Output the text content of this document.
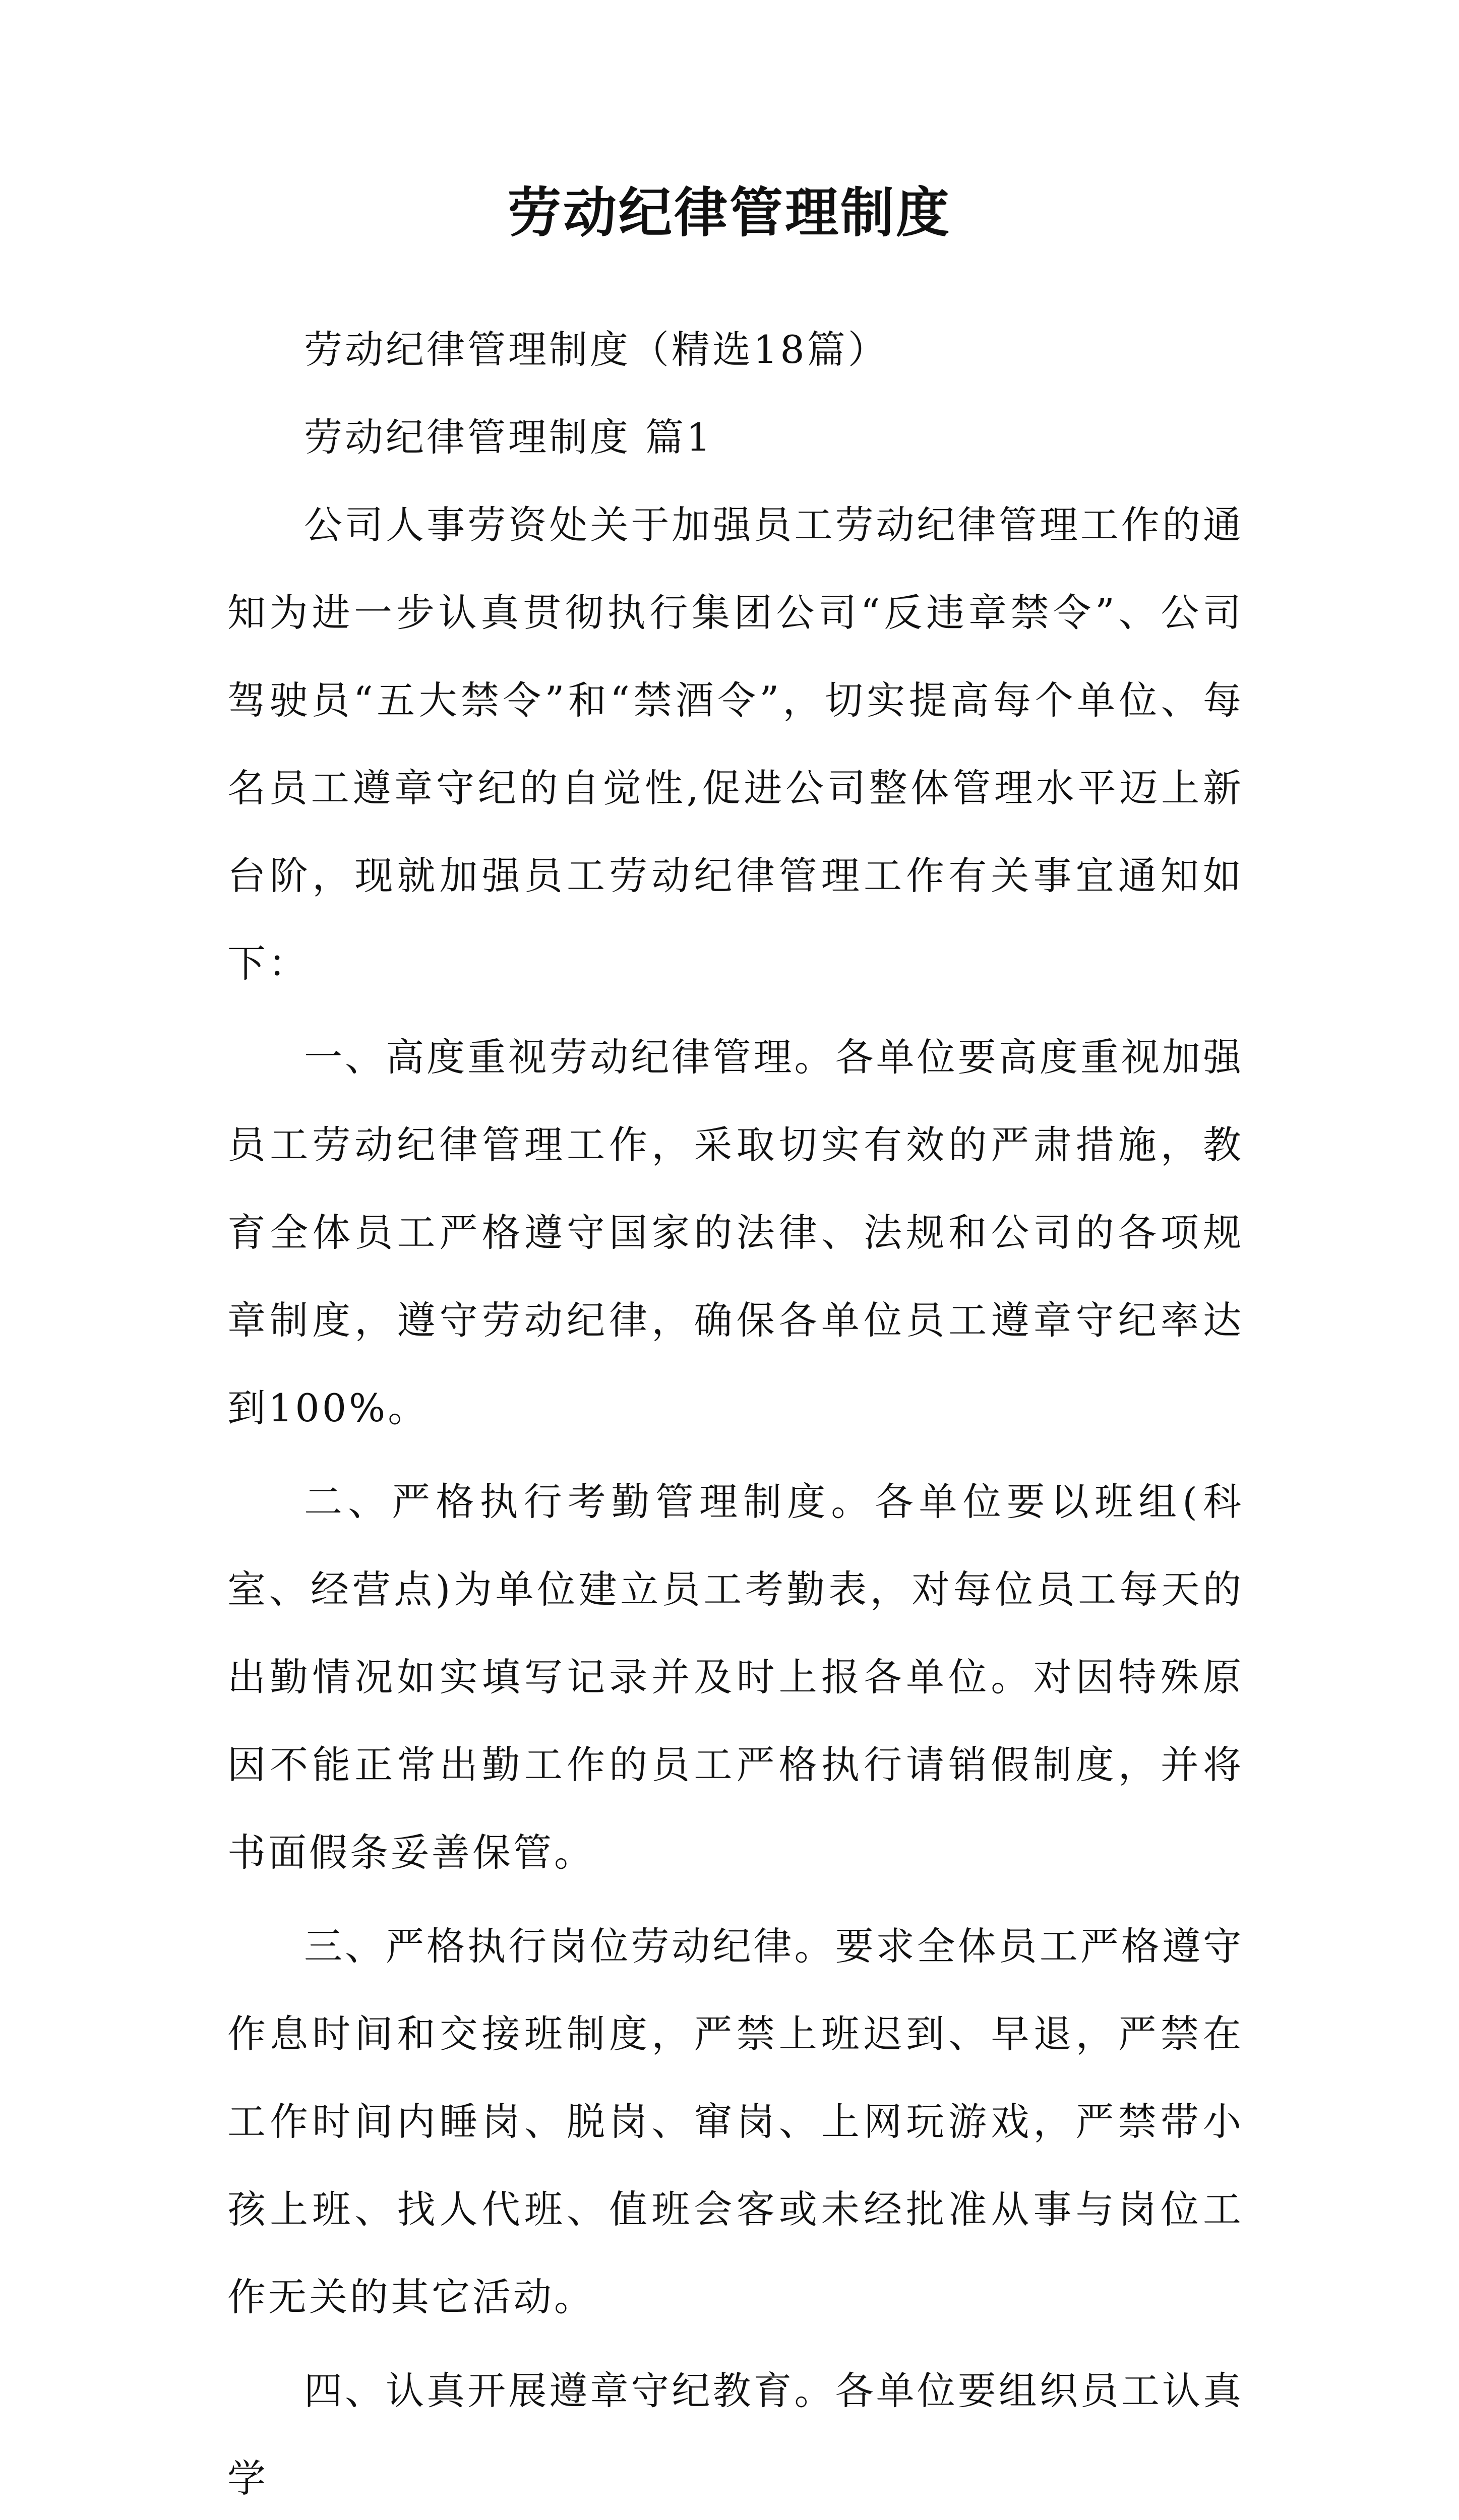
劳动纪律管理制度

劳动纪律管理制度（精选18篇）

劳动纪律管理制度 篇1

公司人事劳资处关于加强员工劳动纪律管理工作的通知为进一步认真贯彻执行集团公司“反违章禁令”、公司驾驶员“五大禁令”和“禁酒令”，切实提高每个单位、每名员工遵章守纪的自觉性,促进公司整体管理水平迈上新台阶，现就加强员工劳动纪律管理工作有关事宜通知如下：

一、高度重视劳动纪律管理。各单位要高度重视加强员工劳动纪律管理工作，采取切实有效的严肃措施，教育全体员工严格遵守国家的法律、法规和公司的各项规章制度，遵守劳动纪律，确保各单位员工遵章守纪率达到100%。

二、严格执行考勤管理制度。各单位要以班组(科室、经营点)为单位建立员工考勤表，对每位员工每天的出勤情况如实填写记录并及时上报各单位。对因特殊原因不能正常出勤工作的员工严格执行请销假制度，并将书面假条妥善保管。

三、严格执行岗位劳动纪律。要求全体员工严格遵守作息时间和交接班制度，严禁上班迟到、早退，严禁在工作时间内睡岗、脱岗、窜岗、上网玩游戏，严禁带小孩上班、找人代班、值班会客或未经批准从事与岗位工作无关的其它活动。

四、认真开展遵章守纪教育。各单位要组织员工认真学
